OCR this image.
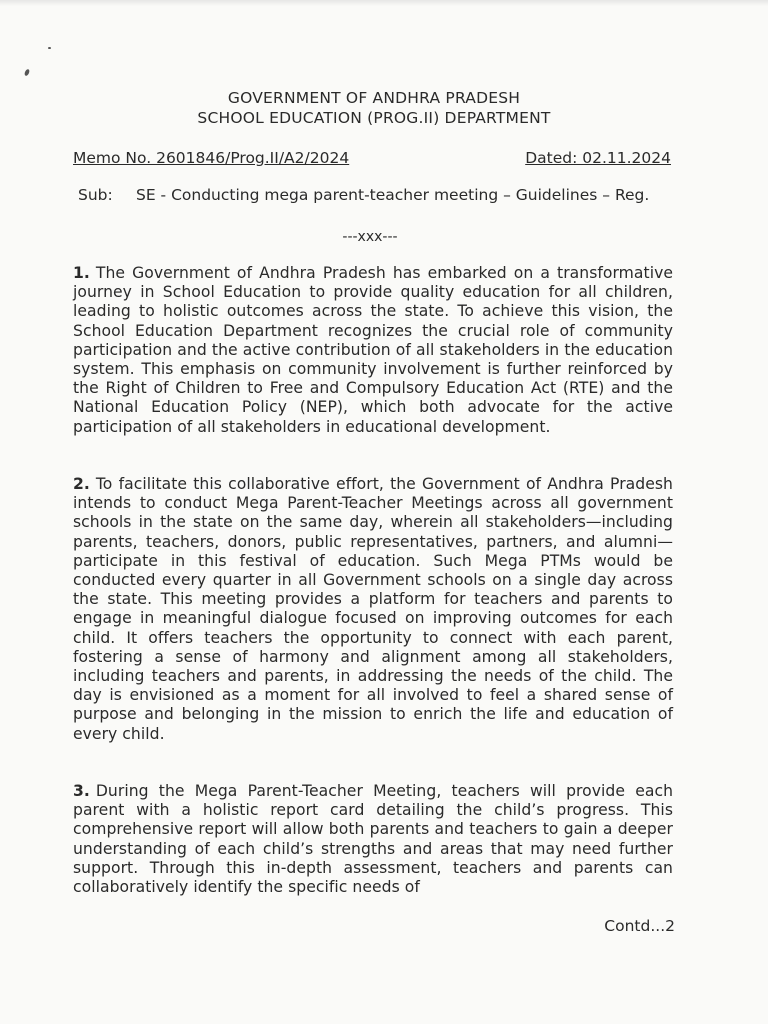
GOVERNMENT OF ANDHRA PRADESH
SCHOOL EDUCATION (PROG.II) DEPARTMENT
Memo No. 2601846/Prog.II/A2/2024	Dated: 02.11.2024
Sub: SE - Conducting mega parent-teacher meeting – Guidelines – Reg.
---xxx---
1. The Government of Andhra Pradesh has embarked on a transformative journey in School Education to provide quality education for all children, leading to holistic outcomes across the state. To achieve this vision, the School Education Department recognizes the crucial role of community participation and the active contribution of all stakeholders in the education system. This emphasis on community involvement is further reinforced by the Right of Children to Free and Compulsory Education Act (RTE) and the National Education Policy (NEP), which both advocate for the active participation of all stakeholders in educational development.
2. To facilitate this collaborative effort, the Government of Andhra Pradesh intends to conduct Mega Parent-Teacher Meetings across all government schools in the state on the same day, wherein all stakeholders—including parents, teachers, donors, public representatives, partners, and alumni—participate in this festival of education. Such Mega PTMs would be conducted every quarter in all Government schools on a single day across the state. This meeting provides a platform for teachers and parents to engage in meaningful dialogue focused on improving outcomes for each child. It offers teachers the opportunity to connect with each parent, fostering a sense of harmony and alignment among all stakeholders, including teachers and parents, in addressing the needs of the child. The day is envisioned as a moment for all involved to feel a shared sense of purpose and belonging in the mission to enrich the life and education of every child.
3. During the Mega Parent-Teacher Meeting, teachers will provide each parent with a holistic report card detailing the child’s progress. This comprehensive report will allow both parents and teachers to gain a deeper understanding of each child’s strengths and areas that may need further support. Through this in-depth assessment, teachers and parents can collaboratively identify the specific needs of
Contd...2
